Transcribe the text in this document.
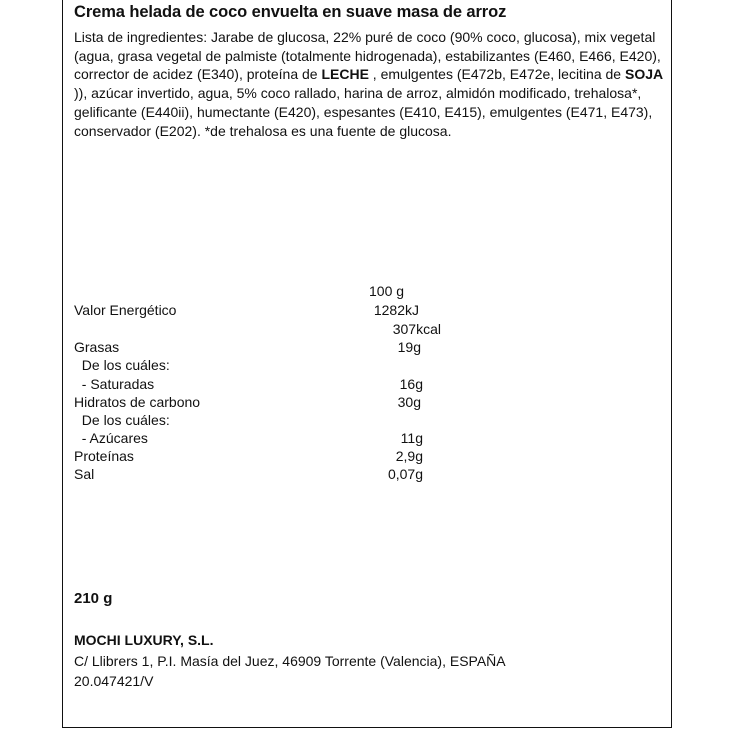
Crema helada de coco envuelta en suave masa de arroz
Lista de ingredientes: Jarabe de glucosa, 22% puré de coco (90% coco, glucosa), mix vegetal (agua, grasa vegetal de palmiste (totalmente hidrogenada), estabilizantes (E460, E466, E420), corrector de acidez (E340), proteína de LECHE , emulgentes (E472b, E472e, lecitina de SOJA )), azúcar invertido, agua, 5% coco rallado, harina de arroz, almidón modificado, trehalosa*, gelificante (E440ii), humectante (E420), espesantes (E410, E415), emulgentes (E471, E473), conservador (E202). *de trehalosa es una fuente de glucosa.
100 g
Valor Energético	1282kJ
307kcal
Grasas	19g
De los cuáles:
- Saturadas	16g
Hidratos de carbono	30g
De los cuáles:
- Azúcares	11g
Proteínas	2,9g
Sal	0,07g
210 g
MOCHI LUXURY, S.L.
C/ Llibrers 1, P.I. Masía del Juez, 46909 Torrente (Valencia), ESPAÑA
20.047421/V
